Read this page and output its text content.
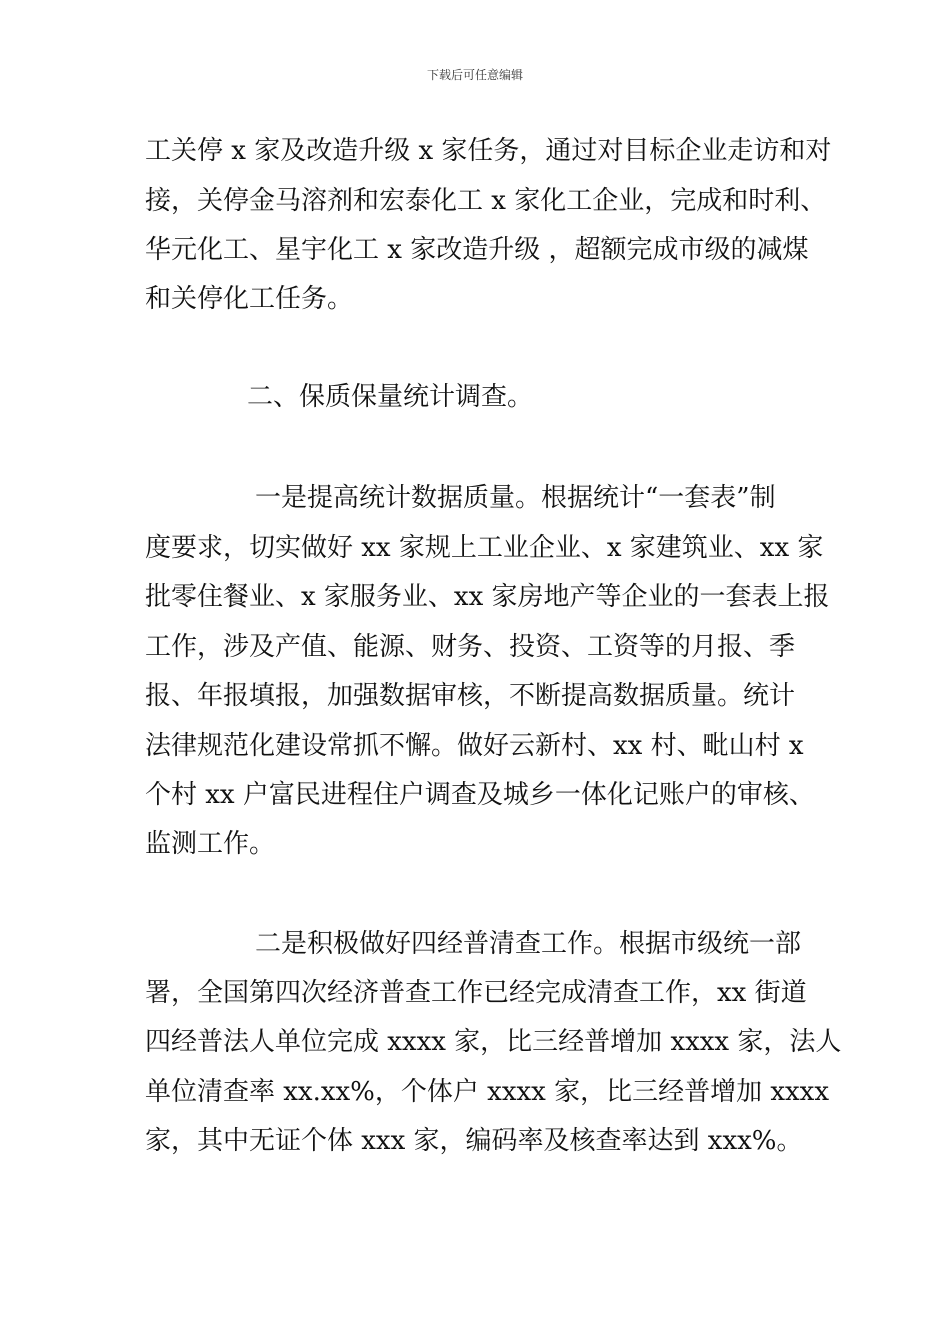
下载后可任意编辑
工关停 x 家及改造升级 x 家任务，通过对目标企业走访和对
接，关停金马溶剂和宏泰化工 x 家化工企业，完成和时利、
华元化工、星宇化工 x 家改造升级 ，超额完成市级的减煤
和关停化工任务。
二、保质保量统计调查。
一是提高统计数据质量。根据统计“一套表”制
度要求，切实做好 xx 家规上工业企业、x 家建筑业、xx 家
批零住餐业、x 家服务业、xx 家房地产等企业的一套表上报
工作，涉及产值、能源、财务、投资、工资等的月报、季
报、年报填报，加强数据审核，不断提高数据质量。统计
法律规范化建设常抓不懈。做好云新村、xx 村、毗山村 x
个村 xx 户富民进程住户调查及城乡一体化记账户的审核、
监测工作。
二是积极做好四经普清查工作。根据市级统一部
署，全国第四次经济普查工作已经完成清查工作，xx 街道
四经普法人单位完成 xxxx 家，比三经普增加 xxxx 家，法人
单位清查率 xx.xx%，个体户 xxxx 家，比三经普增加 xxxx
家，其中无证个体 xxx 家，编码率及核查率达到 xxx%。
